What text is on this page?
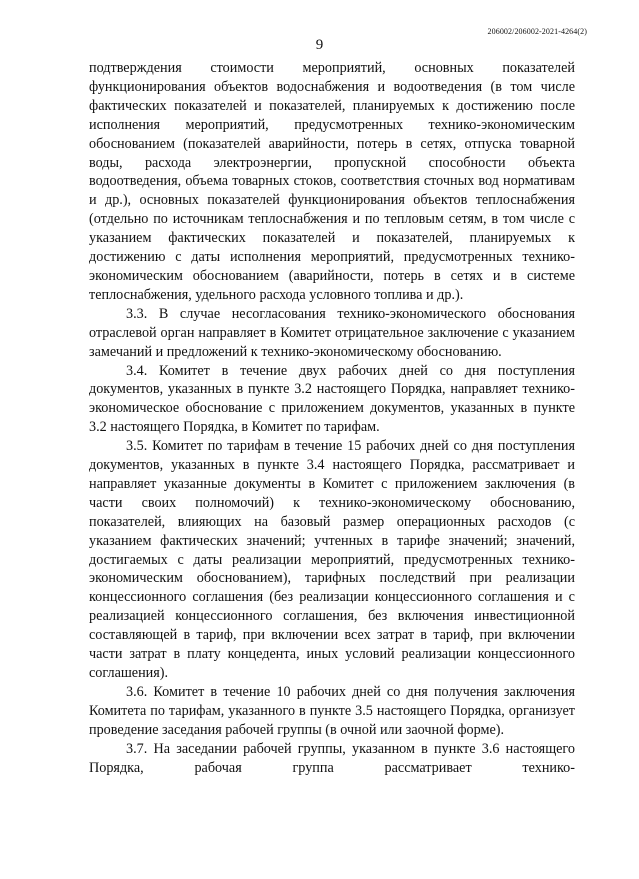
206002/206002-2021-4264(2)
9

подтверждения стоимости мероприятий, основных показателей функционирования объектов водоснабжения и водоотведения (в том числе фактических показателей и показателей, планируемых к достижению после исполнения мероприятий, предусмотренных технико-экономическим обоснованием (показателей аварийности, потерь в сетях, отпуска товарной воды, расхода электроэнергии, пропускной способности объекта водоотведения, объема товарных стоков, соответствия сточных вод нормативам и др.), основных показателей функционирования объектов теплоснабжения (отдельно по источникам теплоснабжения и по тепловым сетям, в том числе с указанием фактических показателей и показателей, планируемых к достижению с даты исполнения мероприятий, предусмотренных технико-экономическим обоснованием (аварийности, потерь в сетях и в системе теплоснабжения, удельного расхода условного топлива и др.).

3.3. В случае несогласования технико-экономического обоснования отраслевой орган направляет в Комитет отрицательное заключение с указанием замечаний и предложений к технико-экономическому обоснованию.

3.4. Комитет в течение двух рабочих дней со дня поступления документов, указанных в пункте 3.2 настоящего Порядка, направляет технико-экономическое обоснование с приложением документов, указанных в пункте 3.2 настоящего Порядка, в Комитет по тарифам.

3.5. Комитет по тарифам в течение 15 рабочих дней со дня поступления документов, указанных в пункте 3.4 настоящего Порядка, рассматривает и направляет указанные документы в Комитет с приложением заключения (в части своих полномочий) к технико-экономическому обоснованию, показателей, влияющих на базовый размер операционных расходов (с указанием фактических значений; учтенных в тарифе значений; значений, достигаемых с даты реализации мероприятий, предусмотренных технико-экономическим обоснованием), тарифных последствий при реализации концессионного соглашения (без реализации концессионного соглашения и с реализацией концессионного соглашения, без включения инвестиционной составляющей в тариф, при включении всех затрат в тариф, при включении части затрат в плату концедента, иных условий реализации концессионного соглашения).

3.6. Комитет в течение 10 рабочих дней со дня получения заключения Комитета по тарифам, указанного в пункте 3.5 настоящего Порядка, организует проведение заседания рабочей группы (в очной или заочной форме).

3.7. На заседании рабочей группы, указанном в пункте 3.6 настоящего Порядка, рабочая группа рассматривает технико-
